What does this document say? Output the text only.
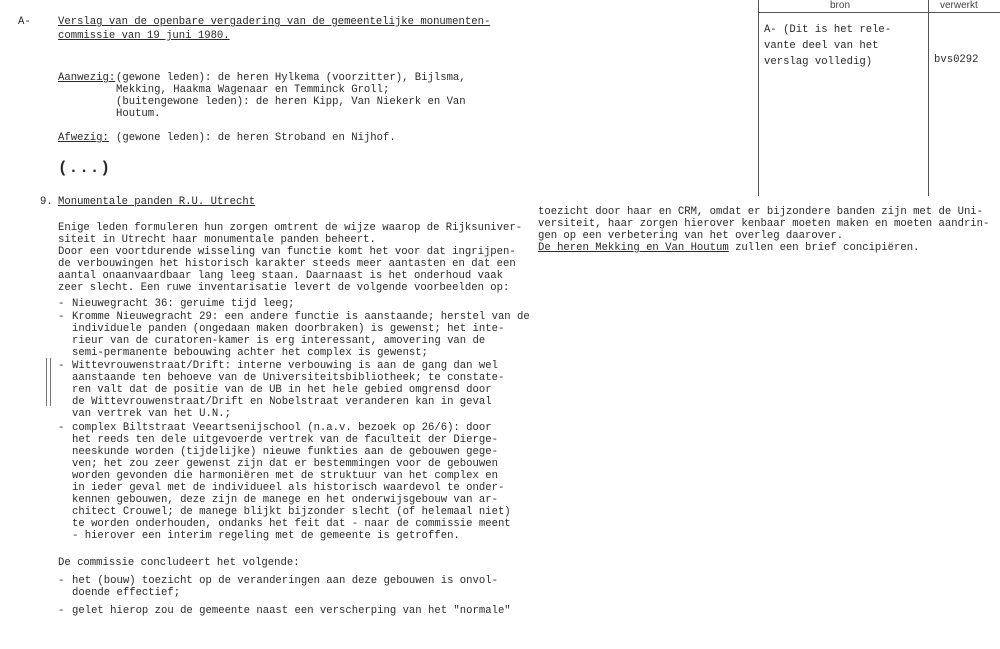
bron	verwerkt
A- (Dit is het rele-
vante deel van het
verslag volledig)	bvs0292
A-	Verslag van de openbare vergadering van de gemeentelijke monumenten-
commissie van 19 juni 1980.
Aanwezig: (gewone leden): de heren Hylkema (voorzitter), Bijlsma,
Mekking, Haakma Wagenaar en Temminck Groll;
(buitengewone leden): de heren Kipp, Van Niekerk en Van
Houtum.
Afwezig: (gewone leden): de heren Stroband en Nijhof.
(...)
9. Monumentale panden R.U. Utrecht
Enige leden formuleren hun zorgen omtrent de wijze waarop de Rijksuniver-
siteit in Utrecht haar monumentale panden beheert.
Door een voortdurende wisseling van functie komt het voor dat ingrijpen-
de verbouwingen het historisch karakter steeds meer aantasten en dat een
aantal onaanvaardbaar lang leeg staan. Daarnaast is het onderhoud vaak
zeer slecht. Een ruwe inventarisatie levert de volgende voorbeelden op:
- Nieuwegracht 36: geruime tijd leeg;
- Kromme Nieuwegracht 29: een andere functie is aanstaande; herstel van de
individuele panden (ongedaan maken doorbraken) is gewenst; het inte-
rieur van de curatoren-kamer is erg interessant, amovering van de
semi-permanente bebouwing achter het complex is gewenst;
- Wittevrouwenstraat/Drift: interne verbouwing is aan de gang dan wel
aanstaande ten behoeve van de Universiteitsbibliotheek; te constate-
ren valt dat de positie van de UB in het hele gebied omgrensd door
de Wittevrouwenstraat/Drift en Nobelstraat veranderen kan in geval
van vertrek van het U.N.;
- complex Biltstraat Veeartsenijschool (n.a.v. bezoek op 26/6): door
het reeds ten dele uitgevoerde vertrek van de faculteit der Dierge-
neeskunde worden (tijdelijke) nieuwe funkties aan de gebouwen gege-
ven; het zou zeer gewenst zijn dat er bestemmingen voor de gebouwen
worden gevonden die harmoniëren met de struktuur van het complex en
in ieder geval met de individueel als historisch waardevol te onder-
kennen gebouwen, deze zijn de manege en het onderwijsgebouw van ar-
chitect Crouwel; de manege blijkt bijzonder slecht (of helemaal niet)
te worden onderhouden, ondanks het feit dat - naar de commissie meent
- hierover een interim regeling met de gemeente is getroffen.
De commissie concludeert het volgende:
- het (bouw) toezicht op de veranderingen aan deze gebouwen is onvol-
doende effectief;
- gelet hierop zou de gemeente naast een verscherping van het "normale"
toezicht door haar en CRM, omdat er bijzondere banden zijn met de Uni-
versiteit, haar zorgen hierover kenbaar moeten maken en moeten aandrin-
gen op een verbetering van het overleg daarover.
De heren Mekking en Van Houtum zullen een brief concipiëren.
